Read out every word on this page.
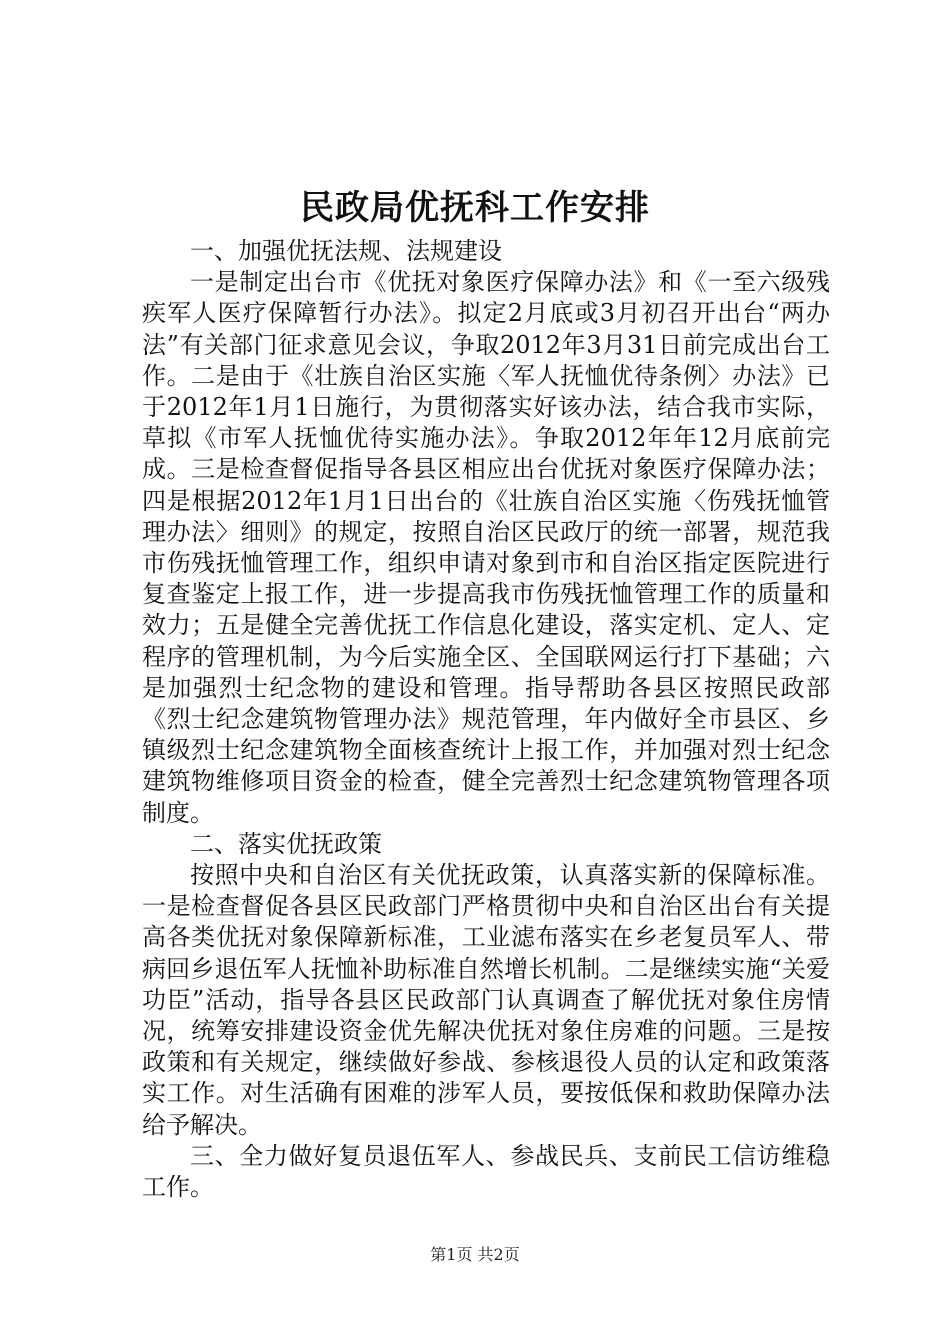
民政局优抚科工作安排

一、加强优抚法规、法规建设

一是制定出台市《优抚对象医疗保障办法》和《一至六级残疾军人医疗保障暂行办法》。拟定2月底或3月初召开出台“两办法”有关部门征求意见会议，争取2012年3月31日前完成出台工作。二是由于《壮族自治区实施〈军人抚恤优待条例〉办法》已于2012年1月1日施行，为贯彻落实好该办法，结合我市实际，草拟《市军人抚恤优待实施办法》。争取2012年年12月底前完成。三是检查督促指导各县区相应出台优抚对象医疗保障办法；四是根据2012年1月1日出台的《壮族自治区实施〈伤残抚恤管理办法〉细则》的规定，按照自治区民政厅的统一部署，规范我市伤残抚恤管理工作，组织申请对象到市和自治区指定医院进行复查鉴定上报工作，进一步提高我市伤残抚恤管理工作的质量和效力；五是健全完善优抚工作信息化建设，落实定机、定人、定程序的管理机制，为今后实施全区、全国联网运行打下基础；六是加强烈士纪念物的建设和管理。指导帮助各县区按照民政部《烈士纪念建筑物管理办法》规范管理，年内做好全市县区、乡镇级烈士纪念建筑物全面核查统计上报工作，并加强对烈士纪念建筑物维修项目资金的检查，健全完善烈士纪念建筑物管理各项制度。

二、落实优抚政策

按照中央和自治区有关优抚政策，认真落实新的保障标准。一是检查督促各县区民政部门严格贯彻中央和自治区出台有关提高各类优抚对象保障新标准，工业滤布落实在乡老复员军人、带病回乡退伍军人抚恤补助标准自然增长机制。二是继续实施“关爱功臣”活动，指导各县区民政部门认真调查了解优抚对象住房情况，统筹安排建设资金优先解决优抚对象住房难的问题。三是按政策和有关规定，继续做好参战、参核退役人员的认定和政策落实工作。对生活确有困难的涉军人员，要按低保和救助保障办法给予解决。

三、全力做好复员退伍军人、参战民兵、支前民工信访维稳工作。

第1页 共2页
